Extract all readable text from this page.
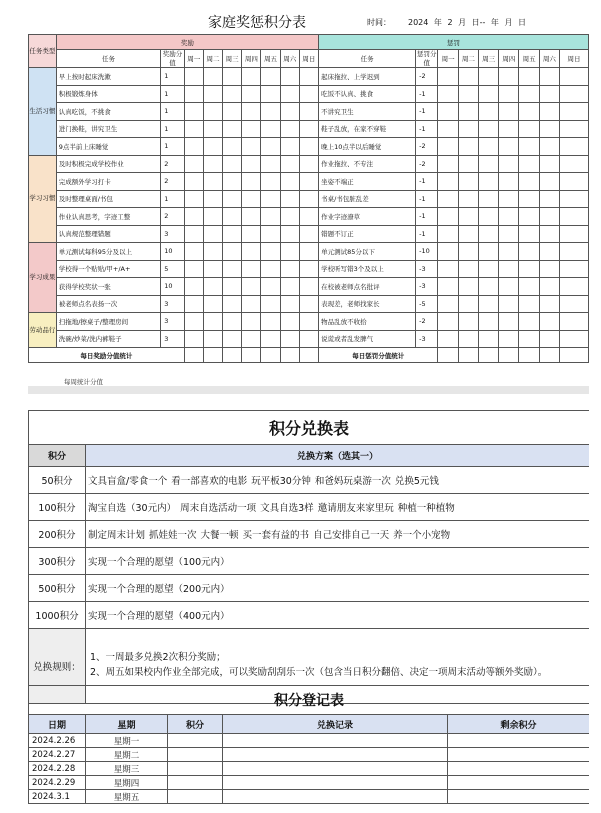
家庭奖惩积分表	时间： 2024 年 2 月 日-- 年 月 日
任务类型	奖励									惩罚								
	任务	奖励分值	周一	周二	周三	周四	周五	周六	周日	任务	惩罚分值	周一	周二	周三	周四	周五	周六	周日
生活习惯	早上按时起床洗漱	1								起床拖拉、上学迟到	-2							
	积极锻炼身体	1								吃饭不认真、挑食	-1							
	认真吃饭，不挑食	1								不讲究卫生	-1							
	进门换鞋，讲究卫生	1								鞋子乱放，在家不穿鞋	-1							
	9点半前上床睡觉	1								晚上10点半以后睡觉	-2							
学习习惯	及时积极完成学校作业	2								作业拖拉、不专注	-2							
	完成额外学习打卡	2								坐姿不端正	-1							
	及时整理桌面/书包	1								书桌/书包脏乱差	-1							
	作业认真思考，字迹工整	2								作业字迹潦草	-1							
	认真规范整理错题	3								错题不订正	-1							
学习成果	单元测试每科95分及以上	10								单元测试85分以下	-10							
	学校得一个贴贴/甲+/A+	5								学校听写错3个及以上	-3							
	获得学校奖状一张	10								在校被老师点名批评	-3							
	被老师点名表扬一次	3								表现差，老师找家长	-5							
劳动品行	扫拖地/擦桌子/整理房间	3								物品乱放不收拾	-2							
	洗碗/炒菜/洗内裤鞋子	3								说谎或者乱发脾气	-3							
每日奖励分值统计										每日惩罚分值统计								
每周统计分值
积分兑换表	
积分	兑换方案（选其一）
50积分	文具盲盒/零食一个 看一部喜欢的电影 玩平板30分钟 和爸妈玩桌游一次 兑换5元钱
100积分	淘宝自选（30元内） 周末自选活动一项 文具自选3样 邀请朋友来家里玩 种植一种植物
200积分	制定周末计划 抓娃娃一次 大餐一顿 买一套有益的书 自己安排自己一天 养一个小宠物
300积分	实现一个合理的愿望（100元内）
500积分	实现一个合理的愿望（200元内）
1000积分	实现一个合理的愿望（400元内）
兑换规则：	1、一周最多兑换2次积分奖励；
2、周五如果校内作业全部完成，可以奖励刮刮乐一次（包含当日积分翻倍、决定一项周末活动等额外奖励）。
积分登记表				
日期	星期	积分	兑换记录	剩余积分
2024.2.26	星期一			
2024.2.27	星期二			
2024.2.28	星期三			
2024.2.29	星期四			
2024.3.1	星期五			
